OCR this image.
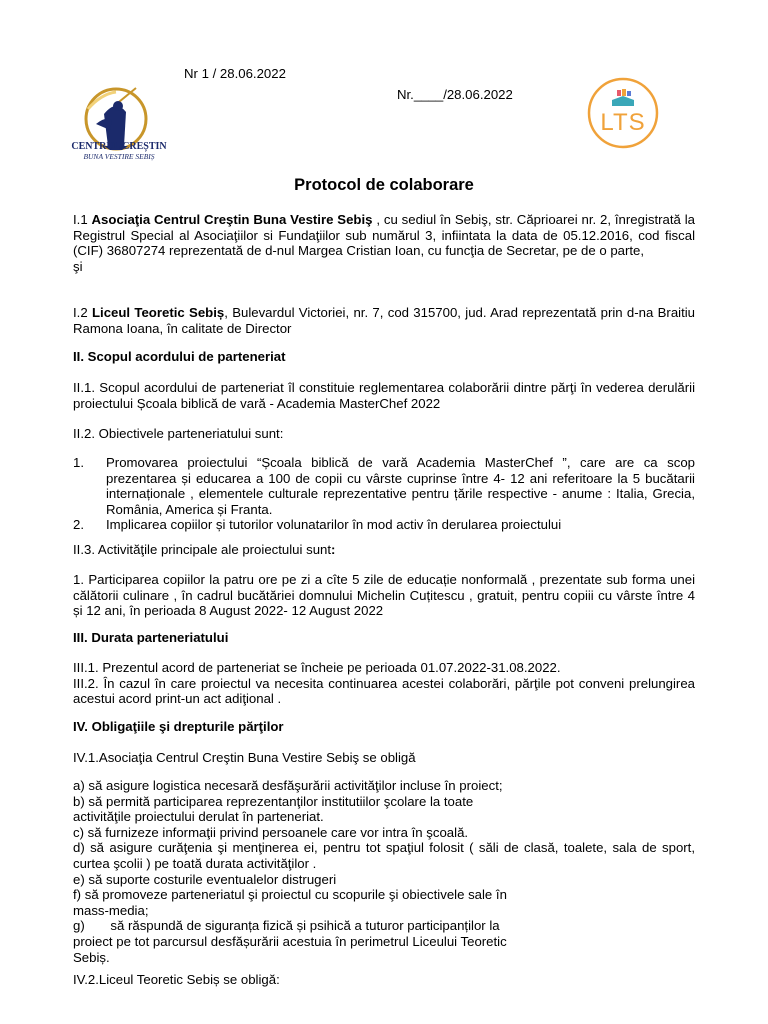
Nr 1 / 28.06.2022
Nr.____/28.06.2022
CENTRUL CREȘTIN
BUNA VESTIRE SEBIȘ
LTS
Protocol de colaborare

I.1 Asociaţia Centrul Creştin Buna Vestire Sebiş , cu sediul în Sebiş, str. Căprioarei nr. 2, înregistrată la Registrul Special al Asociaţiilor si Fundaţiilor sub numărul 3, infiintata la data de 05.12.2016, cod fiscal (CIF) 36807274 reprezentată de d-nul Margea Cristian Ioan, cu funcţia de Secretar, pe de o parte,

şi

I.2 Liceul Teoretic Sebiș, Bulevardul Victoriei, nr. 7, cod 315700, jud. Arad reprezentată prin d-na Braitiu Ramona Ioana, în calitate de Director

II. Scopul acordului de parteneriat
II.1. Scopul acordului de parteneriat îl constituie reglementarea colaborării dintre părţi în vederea derulării proiectului Școala biblică de vară - Academia MasterChef 2022
II.2. Obiectivele parteneriatului sunt:
1. Promovarea proiectului “Școala biblică de vară Academia MasterChef ”, care are ca scop prezentarea și educarea a 100 de copii cu vârste cuprinse între 4- 12 ani referitoare la 5 bucătarii internaționale , elementele culturale reprezentative pentru țările respective - anume : Italia, Grecia, România, America și Franta.
2. Implicarea copiilor și tutorilor volunatarilor în mod activ în derularea proiectului
II.3. Activităţile principale ale proiectului sunt:
1. Participarea copiilor la patru ore pe zi a cîte 5 zile de educație nonformală , prezentate sub forma unei călătorii culinare , în cadrul bucătăriei domnului Michelin Cuțitescu , gratuit, pentru copiii cu vârste între 4 și 12 ani, în perioada 8 August 2022- 12 August 2022
III. Durata parteneriatului

III.1. Prezentul acord de parteneriat se încheie pe perioada 01.07.2022-31.08.2022.

III.2. În cazul în care proiectul va necesita continuarea acestei colaborări, părţile pot conveni prelungirea acestui acord print-un act adiţional .

IV. Obligaţiile şi drepturile părţilor
IV.1.Asociaţia Centrul Creştin Buna Vestire Sebiş se obligă

a) să asigure logistica necesară desfăşurării activităţilor incluse în proiect;

b) să permită participarea reprezentanţilor institutiilor şcolare la toate

activităţile proiectului derulat în parteneriat.

c) să furnizeze informaţii privind persoanele care vor intra în şcoală.

d) să asigure curăţenia şi menţinerea ei, pentru tot spaţiul folosit ( săli de clasă, toalete, sala de sport, curtea şcolii ) pe toată durata activităţilor .

e) să suporte costurile eventualelor distrugeri

f) să promoveze parteneriatul şi proiectul cu scopurile şi obiectivele sale în

mass-media;

g)       să răspundă de siguranța fizică și psihică a tuturor participanților la

proiect pe tot parcursul desfășurării acestuia în perimetrul Liceului Teoretic

Sebiș.

IV.2.Liceul Teoretic Sebiș se obligă:
